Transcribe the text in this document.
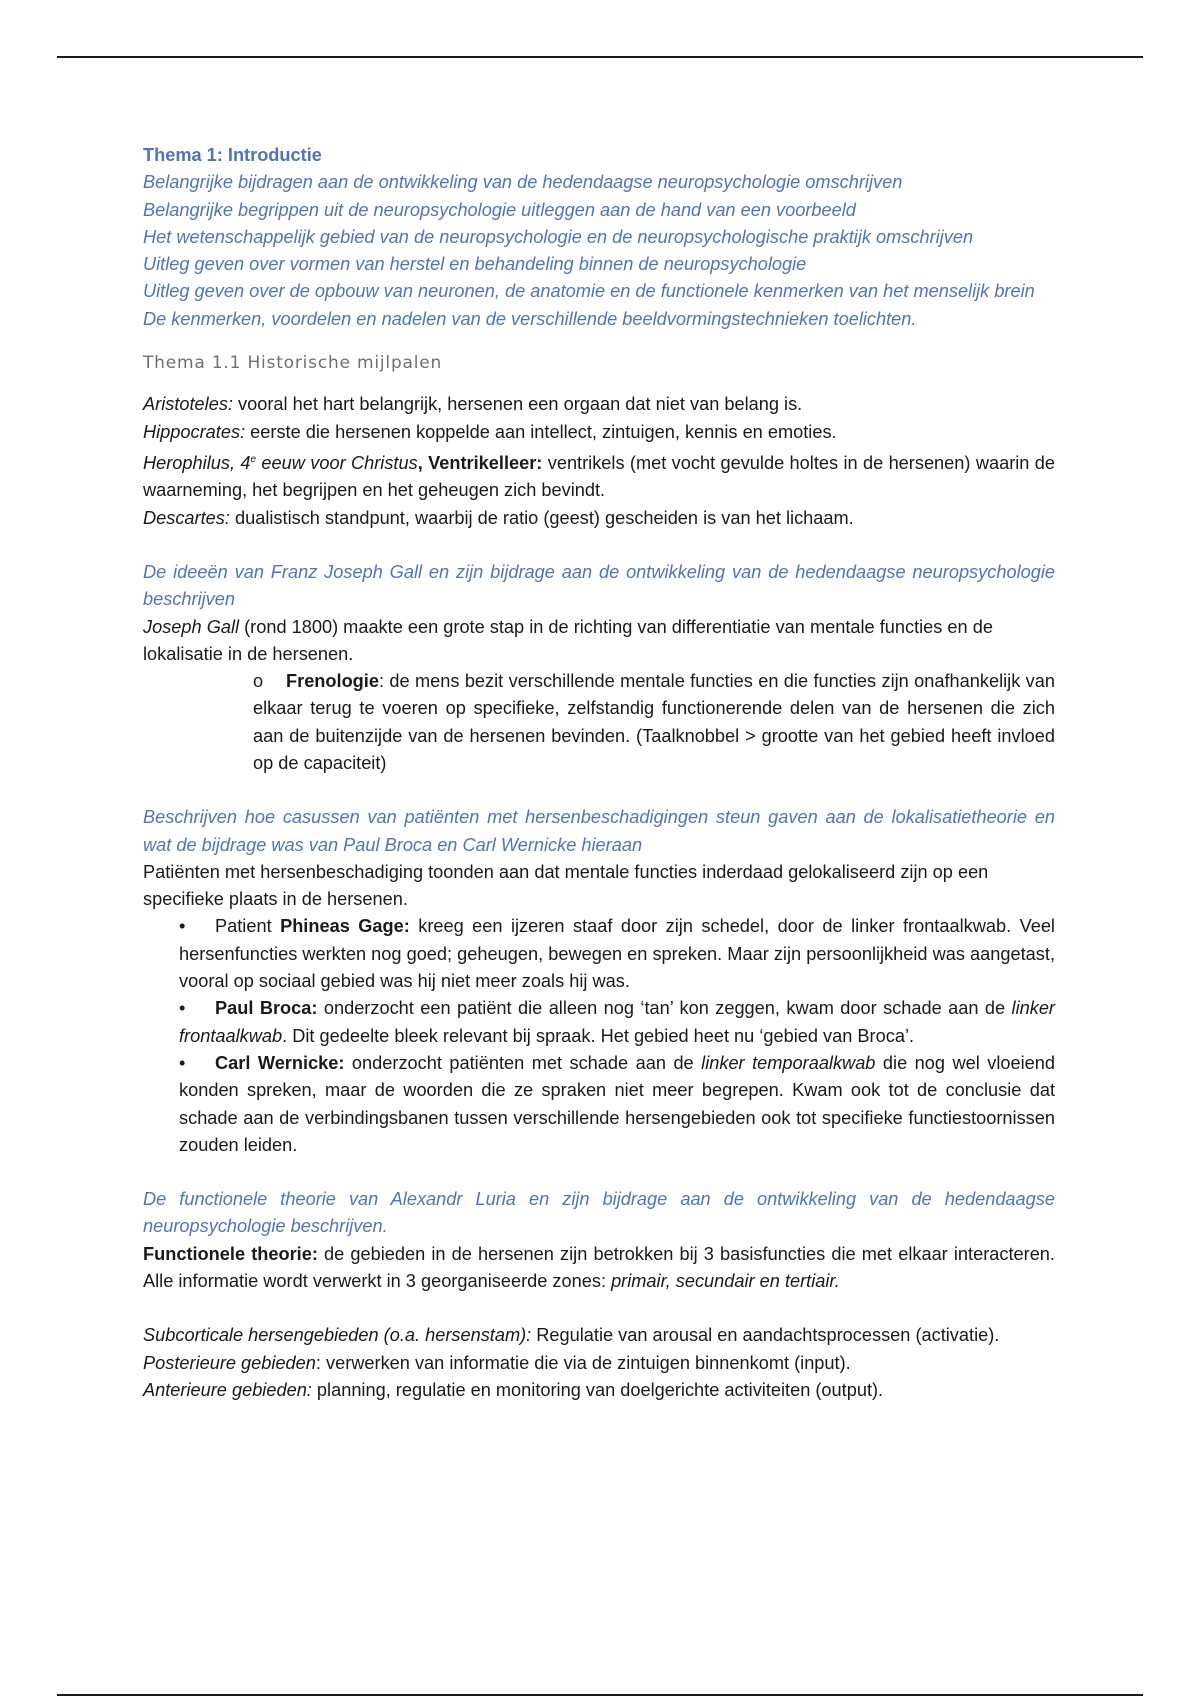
Thema 1: Introductie

Belangrijke bijdragen aan de ontwikkeling van de hedendaagse neuropsychologie omschrijven

Belangrijke begrippen uit de neuropsychologie uitleggen aan de hand van een voorbeeld

Het wetenschappelijk gebied van de neuropsychologie en de neuropsychologische praktijk omschrijven

Uitleg geven over vormen van herstel en behandeling binnen de neuropsychologie

Uitleg geven over de opbouw van neuronen, de anatomie en de functionele kenmerken van het menselijk brein

De kenmerken, voordelen en nadelen van de verschillende beeldvormingstechnieken toelichten.

Thema 1.1 Historische mijlpalen

Aristoteles: vooral het hart belangrijk, hersenen een orgaan dat niet van belang is.

Hippocrates: eerste die hersenen koppelde aan intellect, zintuigen, kennis en emoties.

Herophilus, 4e eeuw voor Christus, Ventrikelleer: ventrikels (met vocht gevulde holtes in de hersenen) waarin de waarneming, het begrijpen en het geheugen zich bevindt.

Descartes: dualistisch standpunt, waarbij de ratio (geest) gescheiden is van het lichaam.

De ideeën van Franz Joseph Gall en zijn bijdrage aan de ontwikkeling van de hedendaagse neuropsychologie beschrijven

Joseph Gall (rond 1800) maakte een grote stap in de richting van differentiatie van mentale functies en de lokalisatie in de hersenen.

o	Frenologie: de mens bezit verschillende mentale functies en die functies zijn onafhankelijk van elkaar terug te voeren op specifieke, zelfstandig functionerende delen van de hersenen die zich aan de buitenzijde van de hersenen bevinden. (Taalknobbel > grootte van het gebied heeft invloed op de capaciteit)

Beschrijven hoe casussen van patiënten met hersenbeschadigingen steun gaven aan de lokalisatietheorie en wat de bijdrage was van Paul Broca en Carl Wernicke hieraan

Patiënten met hersenbeschadiging toonden aan dat mentale functies inderdaad gelokaliseerd zijn op een specifieke plaats in de hersenen.

•	Patient Phineas Gage: kreeg een ijzeren staaf door zijn schedel, door de linker frontaalkwab. Veel hersenfuncties werkten nog goed; geheugen, bewegen en spreken. Maar zijn persoonlijkheid was aangetast, vooral op sociaal gebied was hij niet meer zoals hij was.
•	Paul Broca: onderzocht een patiënt die alleen nog ‘tan’ kon zeggen, kwam door schade aan de linker frontaalkwab. Dit gedeelte bleek relevant bij spraak. Het gebied heet nu ‘gebied van Broca’.
•	Carl Wernicke: onderzocht patiënten met schade aan de linker temporaalkwab die nog wel vloeiend konden spreken, maar de woorden die ze spraken niet meer begrepen. Kwam ook tot de conclusie dat schade aan de verbindingsbanen tussen verschillende hersengebieden ook tot specifieke functiestoornissen zouden leiden.

De functionele theorie van Alexandr Luria en zijn bijdrage aan de ontwikkeling van de hedendaagse neuropsychologie beschrijven.

Functionele theorie: de gebieden in de hersenen zijn betrokken bij 3 basisfuncties die met elkaar interacteren. Alle informatie wordt verwerkt in 3 georganiseerde zones: primair, secundair en tertiair.

Subcorticale hersengebieden (o.a. hersenstam): Regulatie van arousal en aandachtsprocessen (activatie).

Posterieure gebieden: verwerken van informatie die via de zintuigen binnenkomt (input).

Anterieure gebieden: planning, regulatie en monitoring van doelgerichte activiteiten (output).
